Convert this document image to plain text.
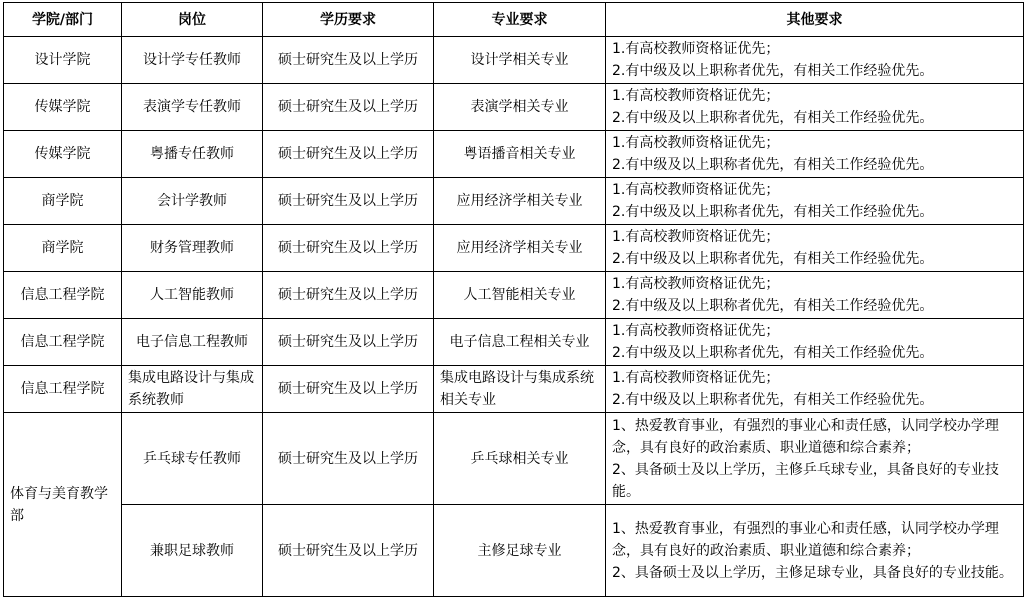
学院/部门	岗位	学历要求	专业要求	其他要求
设计学院	设计学专任教师	硕士研究生及以上学历	设计学相关专业	1.有高校教师资格证优先；
2.有中级及以上职称者优先，有相关工作经验优先。

传媒学院	表演学专任教师	硕士研究生及以上学历	表演学相关专业	1.有高校教师资格证优先；
2.有中级及以上职称者优先，有相关工作经验优先。

传媒学院	粤播专任教师	硕士研究生及以上学历	粤语播音相关专业	1.有高校教师资格证优先；
2.有中级及以上职称者优先，有相关工作经验优先。

商学院	会计学教师	硕士研究生及以上学历	应用经济学相关专业	1.有高校教师资格证优先；
2.有中级及以上职称者优先，有相关工作经验优先。

商学院	财务管理教师	硕士研究生及以上学历	应用经济学相关专业	1.有高校教师资格证优先；
2.有中级及以上职称者优先，有相关工作经验优先。

信息工程学院	人工智能教师	硕士研究生及以上学历	人工智能相关专业	1.有高校教师资格证优先；
2.有中级及以上职称者优先，有相关工作经验优先。

信息工程学院	电子信息工程教师	硕士研究生及以上学历	电子信息工程相关专业	1.有高校教师资格证优先；
2.有中级及以上职称者优先，有相关工作经验优先。

信息工程学院	集成电路设计与集成系统教师	硕士研究生及以上学历	集成电路设计与集成系统相关专业	1.有高校教师资格证优先；
2.有中级及以上职称者优先，有相关工作经验优先。

体育与美育教学部	乒乓球专任教师	硕士研究生及以上学历	乒乓球相关专业	1、热爱教育事业，有强烈的事业心和责任感，认同学校办学理念，具有良好的政治素质、职业道德和综合素养；
2、具备硕士及以上学历，主修乒乓球专业，具备良好的专业技能。

	兼职足球教师	硕士研究生及以上学历	主修足球专业	1、热爱教育事业，有强烈的事业心和责任感，认同学校办学理念，具有良好的政治素质、职业道德和综合素养；
2、具备硕士及以上学历，主修足球专业，具备良好的专业技能。
